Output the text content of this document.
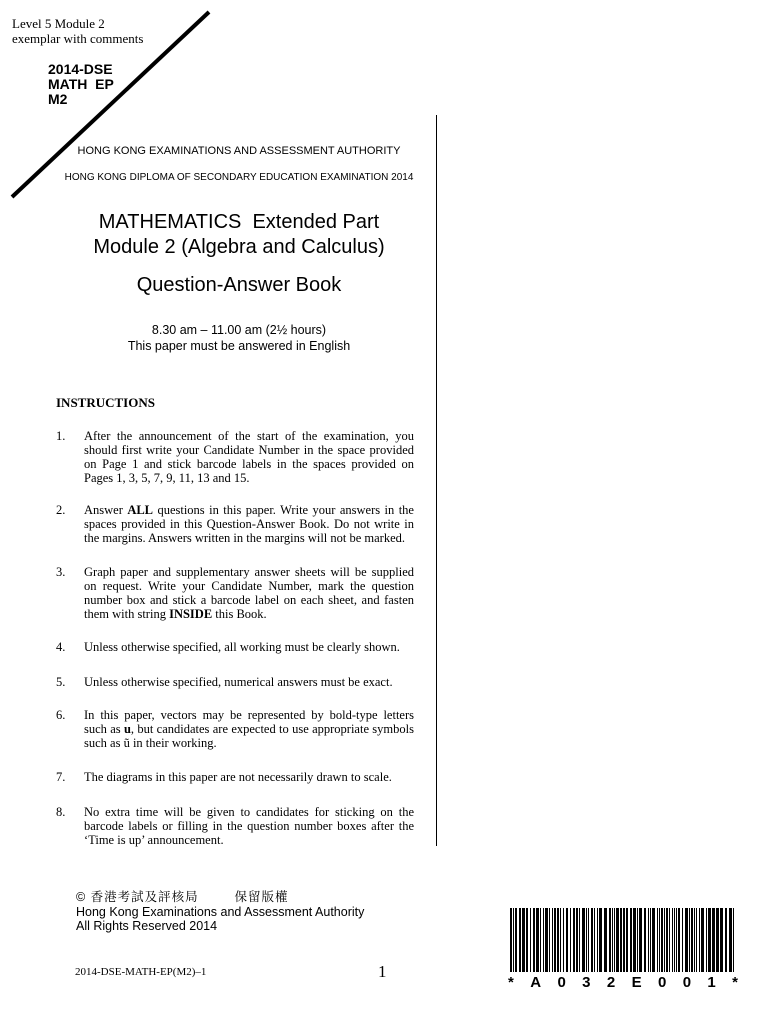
Level 5 Module 2
exemplar with comments
2014-DSE
MATH  EP
M2
HONG KONG EXAMINATIONS AND ASSESSMENT AUTHORITY
HONG KONG DIPLOMA OF SECONDARY EDUCATION EXAMINATION 2014
MATHEMATICS  Extended Part
Module 2 (Algebra and Calculus)
Question-Answer Book
8.30 am – 11.00 am (2½ hours)
This paper must be answered in English
INSTRUCTIONS
1. After the announcement of the start of the examination, you should first write your Candidate Number in the space provided on Page 1 and stick barcode labels in the spaces provided on Pages 1, 3, 5, 7, 9, 11, 13 and 15.
2. Answer ALL questions in this paper. Write your answers in the spaces provided in this Question-Answer Book. Do not write in the margins. Answers written in the margins will not be marked.
3. Graph paper and supplementary answer sheets will be supplied on request. Write your Candidate Number, mark the question number box and stick a barcode label on each sheet, and fasten them with string INSIDE this Book.
4. Unless otherwise specified, all working must be clearly shown.
5. Unless otherwise specified, numerical answers must be exact.
6. In this paper, vectors may be represented by bold-type letters such as u, but candidates are expected to use appropriate symbols such as ũ in their working.
7. The diagrams in this paper are not necessarily drawn to scale.
8. No extra time will be given to candidates for sticking on the barcode labels or filling in the question number boxes after the ‘Time is up’ announcement.
© 香港考試及評核局        保留版權
Hong Kong Examinations and Assessment Authority
All Rights Reserved 2014
2014-DSE-MATH-EP(M2)–1	1
* A 0 3 2 E 0 0 1 *
